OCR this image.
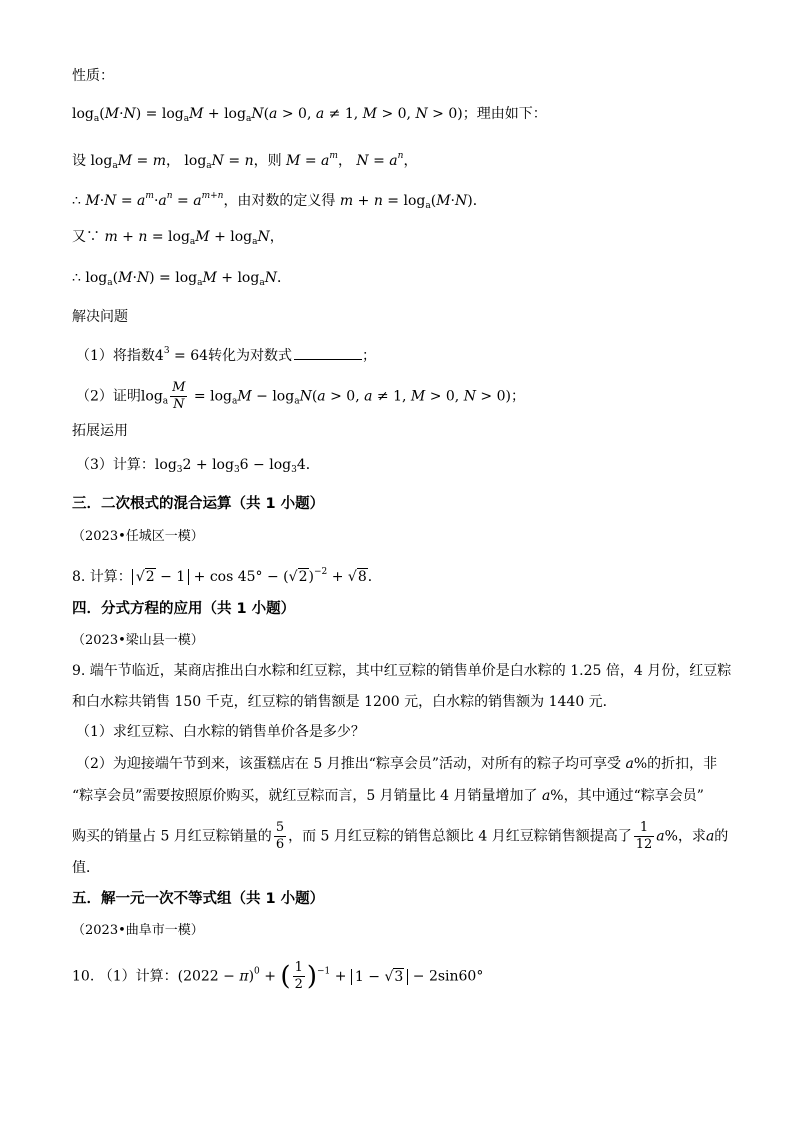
性质：
$\log_a(M\cdot N) = \log_aM + \log_aN(a > 0$, a ≠ 1, M > 0, N > 0)；理由如下：
设 $\log_aM = m$， $\log_aN = n$，则 $M = a^m$， $N = a^n$，
∴ $M\cdot N = a^m\cdot a^n = a^{m+n}$，由对数的定义得 $m + n = \log_a(M\cdot N)$．
又∵ $m + n = \log_aM + \log_aN$，
∴ $\log_a(M\cdot N) = \log_aM + \log_aN$．
解决问题
（1）将指数$4^3 = 64$转化为对数式	；
（2）证明$\log_a \frac{M}{N} = \log_aM - \log_aN(a > 0$, a ≠ 1, M > 0, N > 0)；
拓展运用
（3）计算：$\log_32 + \log_36 - \log_34$．
三．二次根式的混合运算（共 1 小题）
（2023•任城区一模）
8. 计算： $√2 - 1 + \cos 45^\circ - (√2)^{-2} + √8$．
四．分式方程的应用（共 1 小题）
（2023•梁山县一模）
9. 端午节临近，某商店推出白水粽和红豆粽，其中红豆粽的销售单价是白水粽的 1.25 倍，4 月份，红豆粽
和白水粽共销售 150 千克，红豆粽的销售额是 1200 元，白水粽的销售额为 1440 元．
（1）求红豆粽、白水粽的销售单价各是多少？
（2）为迎接端午节到来，该蛋糕店在 5 月推出“粽享会员”活动，对所有的粽子均可享受 a%的折扣，非
“粽享会员”需要按照原价购买，就红豆粽而言，5 月销量比 4 月销量增加了 a%，其中通过“粽享会员”
购买的销量占 5 月红豆粽销量的 $\frac{5}{6}$ ，而 5 月红豆粽的销售总额比 4 月红豆粽销售额提高了 $\frac{1}{12} a\%$，求a的
值．
五．解一元一次不等式组（共 1 小题）
（2023•曲阜市一模）
10. （1）计算：$(2022 - \pi)^0$ + ( $\frac{1}{2} )^{-1} + 1 - √3 - 2\sin 60^\circ$
